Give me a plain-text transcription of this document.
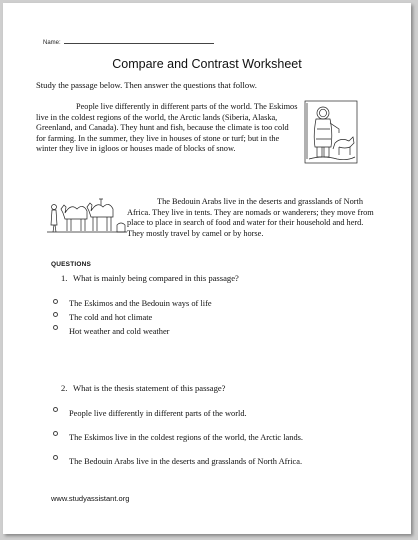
Name:
Compare and Contrast Worksheet
Study the passage below. Then answer the questions that follow.
People live differently in different parts of the world. The Eskimos live in the coldest regions of the world, the Arctic lands (Siberia, Alaska, Greenland, and Canada). They hunt and fish, because the climate is too cold for farming. In the summer, they live in houses of stone or turf; but in the winter they live in igloos or houses made of blocks of snow.
The Bedouin Arabs live in the deserts and grasslands of North Africa. They live in tents. They are nomads or wanderers; they move from place to place in search of food and water for their household and herd. They mostly travel by camel or by horse.
QUESTIONS
1. What is mainly being compared in this passage?
The Eskimos and the Bedouin ways of life
The cold and hot climate
Hot weather and cold weather
2. What is the thesis statement of this passage?
People live differently in different parts of the world.
The Eskimos live in the coldest regions of the world, the Arctic lands.
The Bedouin Arabs live in the deserts and grasslands of North Africa.
www.studyassistant.org
